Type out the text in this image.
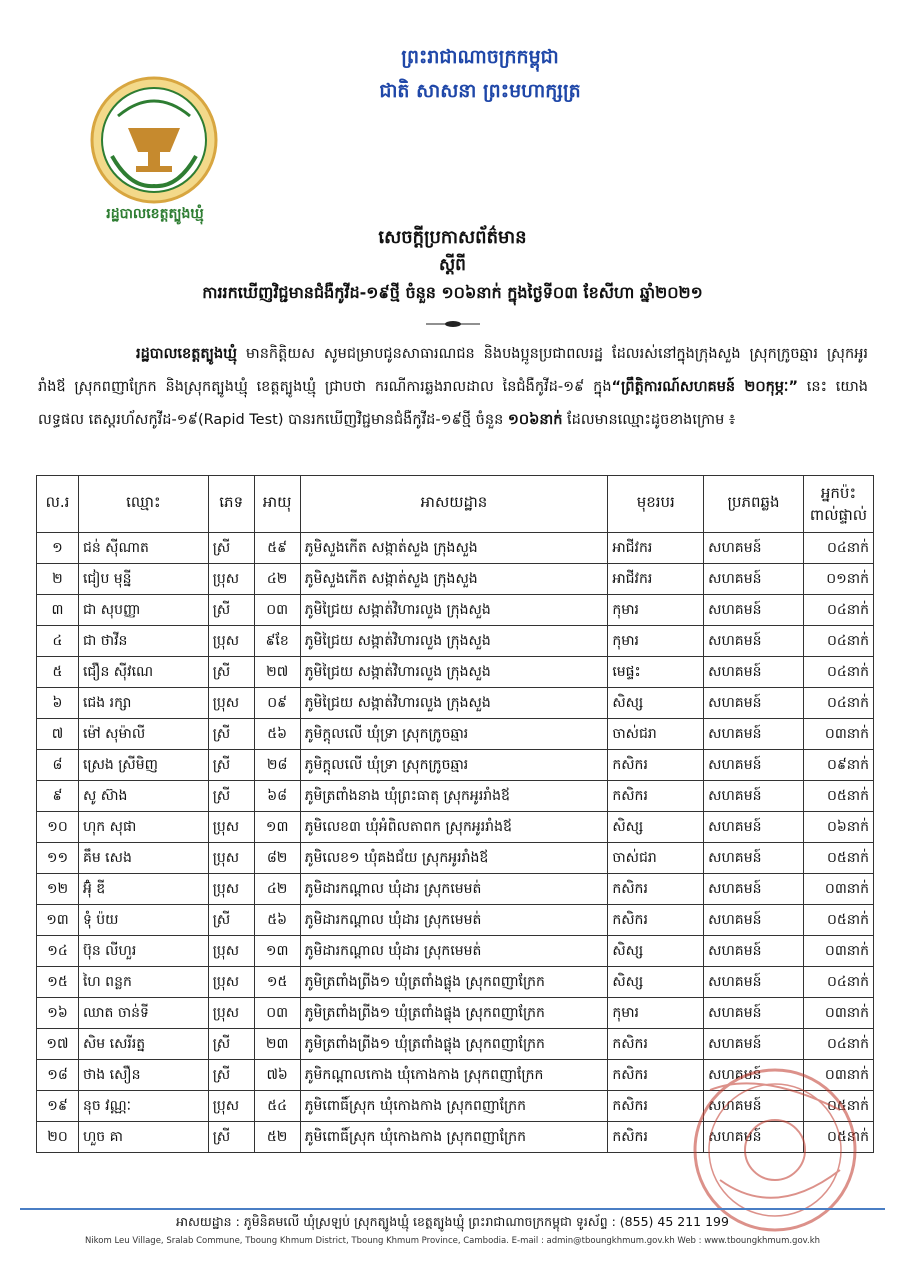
រដ្ឋបាលខេត្តត្បូងឃ្មុំ
ព្រះរាជាណាចក្រកម្ពុជា
ជាតិ សាសនា ព្រះមហាក្សត្រ
សេចក្តីប្រកាសព័ត៌មាន
ស្តីពី
ការរកឃើញវិជ្ជមានជំងឺកូវីដ-១៩ថ្មី ចំនួន ១០៦នាក់ ក្នុងថ្ងៃទី០៣ ខែសីហា ឆ្នាំ២០២១

រដ្ឋបាលខេត្តត្បូងឃ្មុំ មានកិត្តិយស សូមជម្រាបជូនសាធារណជន និងបងប្អូនប្រជាពលរដ្ឋ ដែលរស់នៅក្នុងក្រុងសួង ស្រុកក្រូចឆ្មារ ស្រុកអូររាំងឪ ស្រុកពញាក្រែក និងស្រុកត្បូងឃ្មុំ ខេត្តត្បូងឃ្មុំ ជ្រាបថា ករណីការឆ្លងរាលដាល នៃជំងឺកូវីដ-១៩ ក្នុង“ព្រឹត្តិការណ៍សហគមន៍ ២០កុម្ភៈ” នេះ យោងលទ្ធផល តេស្តរហ័សកូវីដ-១៩(Rapid Test) បានរកឃើញវិជ្ជមានជំងឺកូវីដ-១៩ថ្មី ចំនួន ១០៦នាក់ ដែលមានឈ្មោះដូចខាងក្រោម ៖

ល.រ	ឈ្មោះ	ភេទ	អាយុ	អាសយដ្ឋាន	មុខរបរ	ប្រភពឆ្លង	អ្នកប៉ះ
ពាល់ផ្ទាល់
១	ជន់ ស៊ីណាត	ស្រី	៥៩	ភូមិសួងកើត សង្កាត់សួង ក្រុងសួង	អាជីវករ	សហគមន៍	០៤នាក់
២	ជៀប មុន្នី	ប្រុស	៤២	ភូមិសួងកើត សង្កាត់សួង ក្រុងសួង	អាជីវករ	សហគមន៍	០១នាក់
៣	ជា សុបញ្ញា	ស្រី	០៣	ភូមិជ្រៃយ សង្កាត់វិហារលួង ក្រុងសួង	កុមារ	សហគមន៍	០៤នាក់
៤	ជា ថាវីន	ប្រុស	៩ខែ	ភូមិជ្រៃយ សង្កាត់វិហារលួង ក្រុងសួង	កុមារ	សហគមន៍	០៤នាក់
៥	ជឿន ស៊ីវណេ	ស្រី	២៧	ភូមិជ្រៃយ សង្កាត់វិហារលួង ក្រុងសួង	មេផ្ទះ	សហគមន៍	០៤នាក់
៦	ជេង រក្សា	ប្រុស	០៩	ភូមិជ្រៃយ សង្កាត់វិហារលួង ក្រុងសួង	សិស្ស	សហគមន៍	០៤នាក់
៧	ម៉ៅ សុម៉ាលី	ស្រី	៥៦	ភូមិក្តុលលើ ឃុំទ្រា ស្រុកក្រូចឆ្មារ	ចាស់ជរា	សហគមន៍	០៣នាក់
៨	ស្រេង ស្រីមិញ	ស្រី	២៨	ភូមិក្តុលលើ ឃុំទ្រា ស្រុកក្រូចឆ្មារ	កសិករ	សហគមន៍	០៩នាក់
៩	សូ ស៊ាង	ស្រី	៦៨	ភូមិត្រពាំងនាង ឃុំព្រះធាតុ ស្រុកអូររាំងឪ	កសិករ	សហគមន៍	០៥នាក់
១០	ហុក សុផា	ប្រុស	១៣	ភូមិលេខ៣ ឃុំអំពិលតាពក ស្រុកអូររាំងឪ	សិស្ស	សហគមន៍	០៦នាក់
១១	គឹម សេង	ប្រុស	៨២	ភូមិលេខ១ ឃុំគងជ័យ ស្រុកអូររាំងឪ	ចាស់ជរា	សហគមន៍	០៥នាក់
១២	អ៊ុំ ឌី	ប្រុស	៤២	ភូមិដារកណ្តាល ឃុំដារ ស្រុកមេមត់	កសិករ	សហគមន៍	០៣នាក់
១៣	ទុំ ប៉យ	ស្រី	៥៦	ភូមិដារកណ្តាល ឃុំដារ ស្រុកមេមត់	កសិករ	សហគមន៍	០៥នាក់
១៤	ប៊ុន លីហួរ	ប្រុស	១៣	ភូមិដារកណ្តាល ឃុំដារ ស្រុកមេមត់	សិស្ស	សហគមន៍	០៣នាក់
១៥	ហៃ ពន្លក	ប្រុស	១៥	ភូមិត្រពាំងព្រីង១ ឃុំត្រពាំងផ្លុង ស្រុកពញាក្រែក	សិស្ស	សហគមន៍	០៤នាក់
១៦	ឈាត ចាន់ទី	ប្រុស	០៣	ភូមិត្រពាំងព្រីង១ ឃុំត្រពាំងផ្លុង ស្រុកពញាក្រែក	កុមារ	សហគមន៍	០៣នាក់
១៧	សិម សេរីរត្ន	ស្រី	២៣	ភូមិត្រពាំងព្រីង១ ឃុំត្រពាំងផ្លុង ស្រុកពញាក្រែក	កសិករ	សហគមន៍	០៤នាក់
១៨	ថាង សឿន	ស្រី	៧៦	ភូមិកណ្តាលកោង ឃុំកោងកាង ស្រុកពញាក្រែក	កសិករ	សហគមន៍	០៣នាក់
១៩	នុច វណ្ណៈ	ប្រុស	៥៤	ភូមិពោធិ៍ស្រុក ឃុំកោងកាង ស្រុកពញាក្រែក	កសិករ	សហគមន៍	០៥នាក់
២០	ហួច គា	ស្រី	៥២	ភូមិពោធិ៍ស្រុក ឃុំកោងកាង ស្រុកពញាក្រែក	កសិករ	សហគមន៍	០៥នាក់
អាសយដ្ឋាន : ភូមិនិគមលើ ឃុំស្រឡប់ ស្រុកត្បូងឃ្មុំ ខេត្តត្បូងឃ្មុំ ព្រះរាជាណាចក្រកម្ពុជា ទូរស័ព្ទ : (855) 45 211 199
Nikom Leu Village, Sralab Commune, Tboung Khmum District, Tboung Khmum Province, Cambodia. E-mail : admin@tboungkhmum.gov.kh Web : www.tboungkhmum.gov.kh
